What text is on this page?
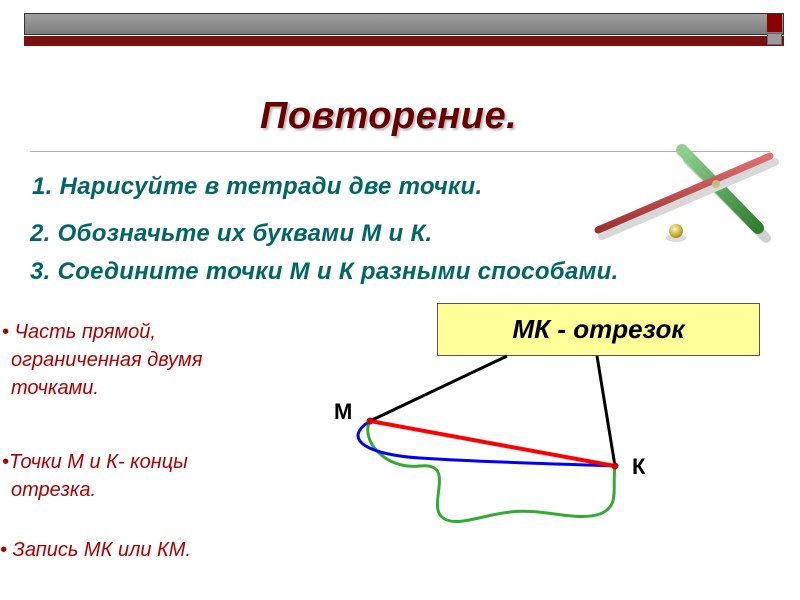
Повторение.
1. Нарисуйте в тетради две точки.
2. Обозначьте их буквами М и К.
3. Соедините точки М и К разными способами.
МК - отрезок
М
К
• Часть прямой,
ограниченная двумя
точками.
•Точки М и К- концы
отрезка.
• Запись МК или КМ.
